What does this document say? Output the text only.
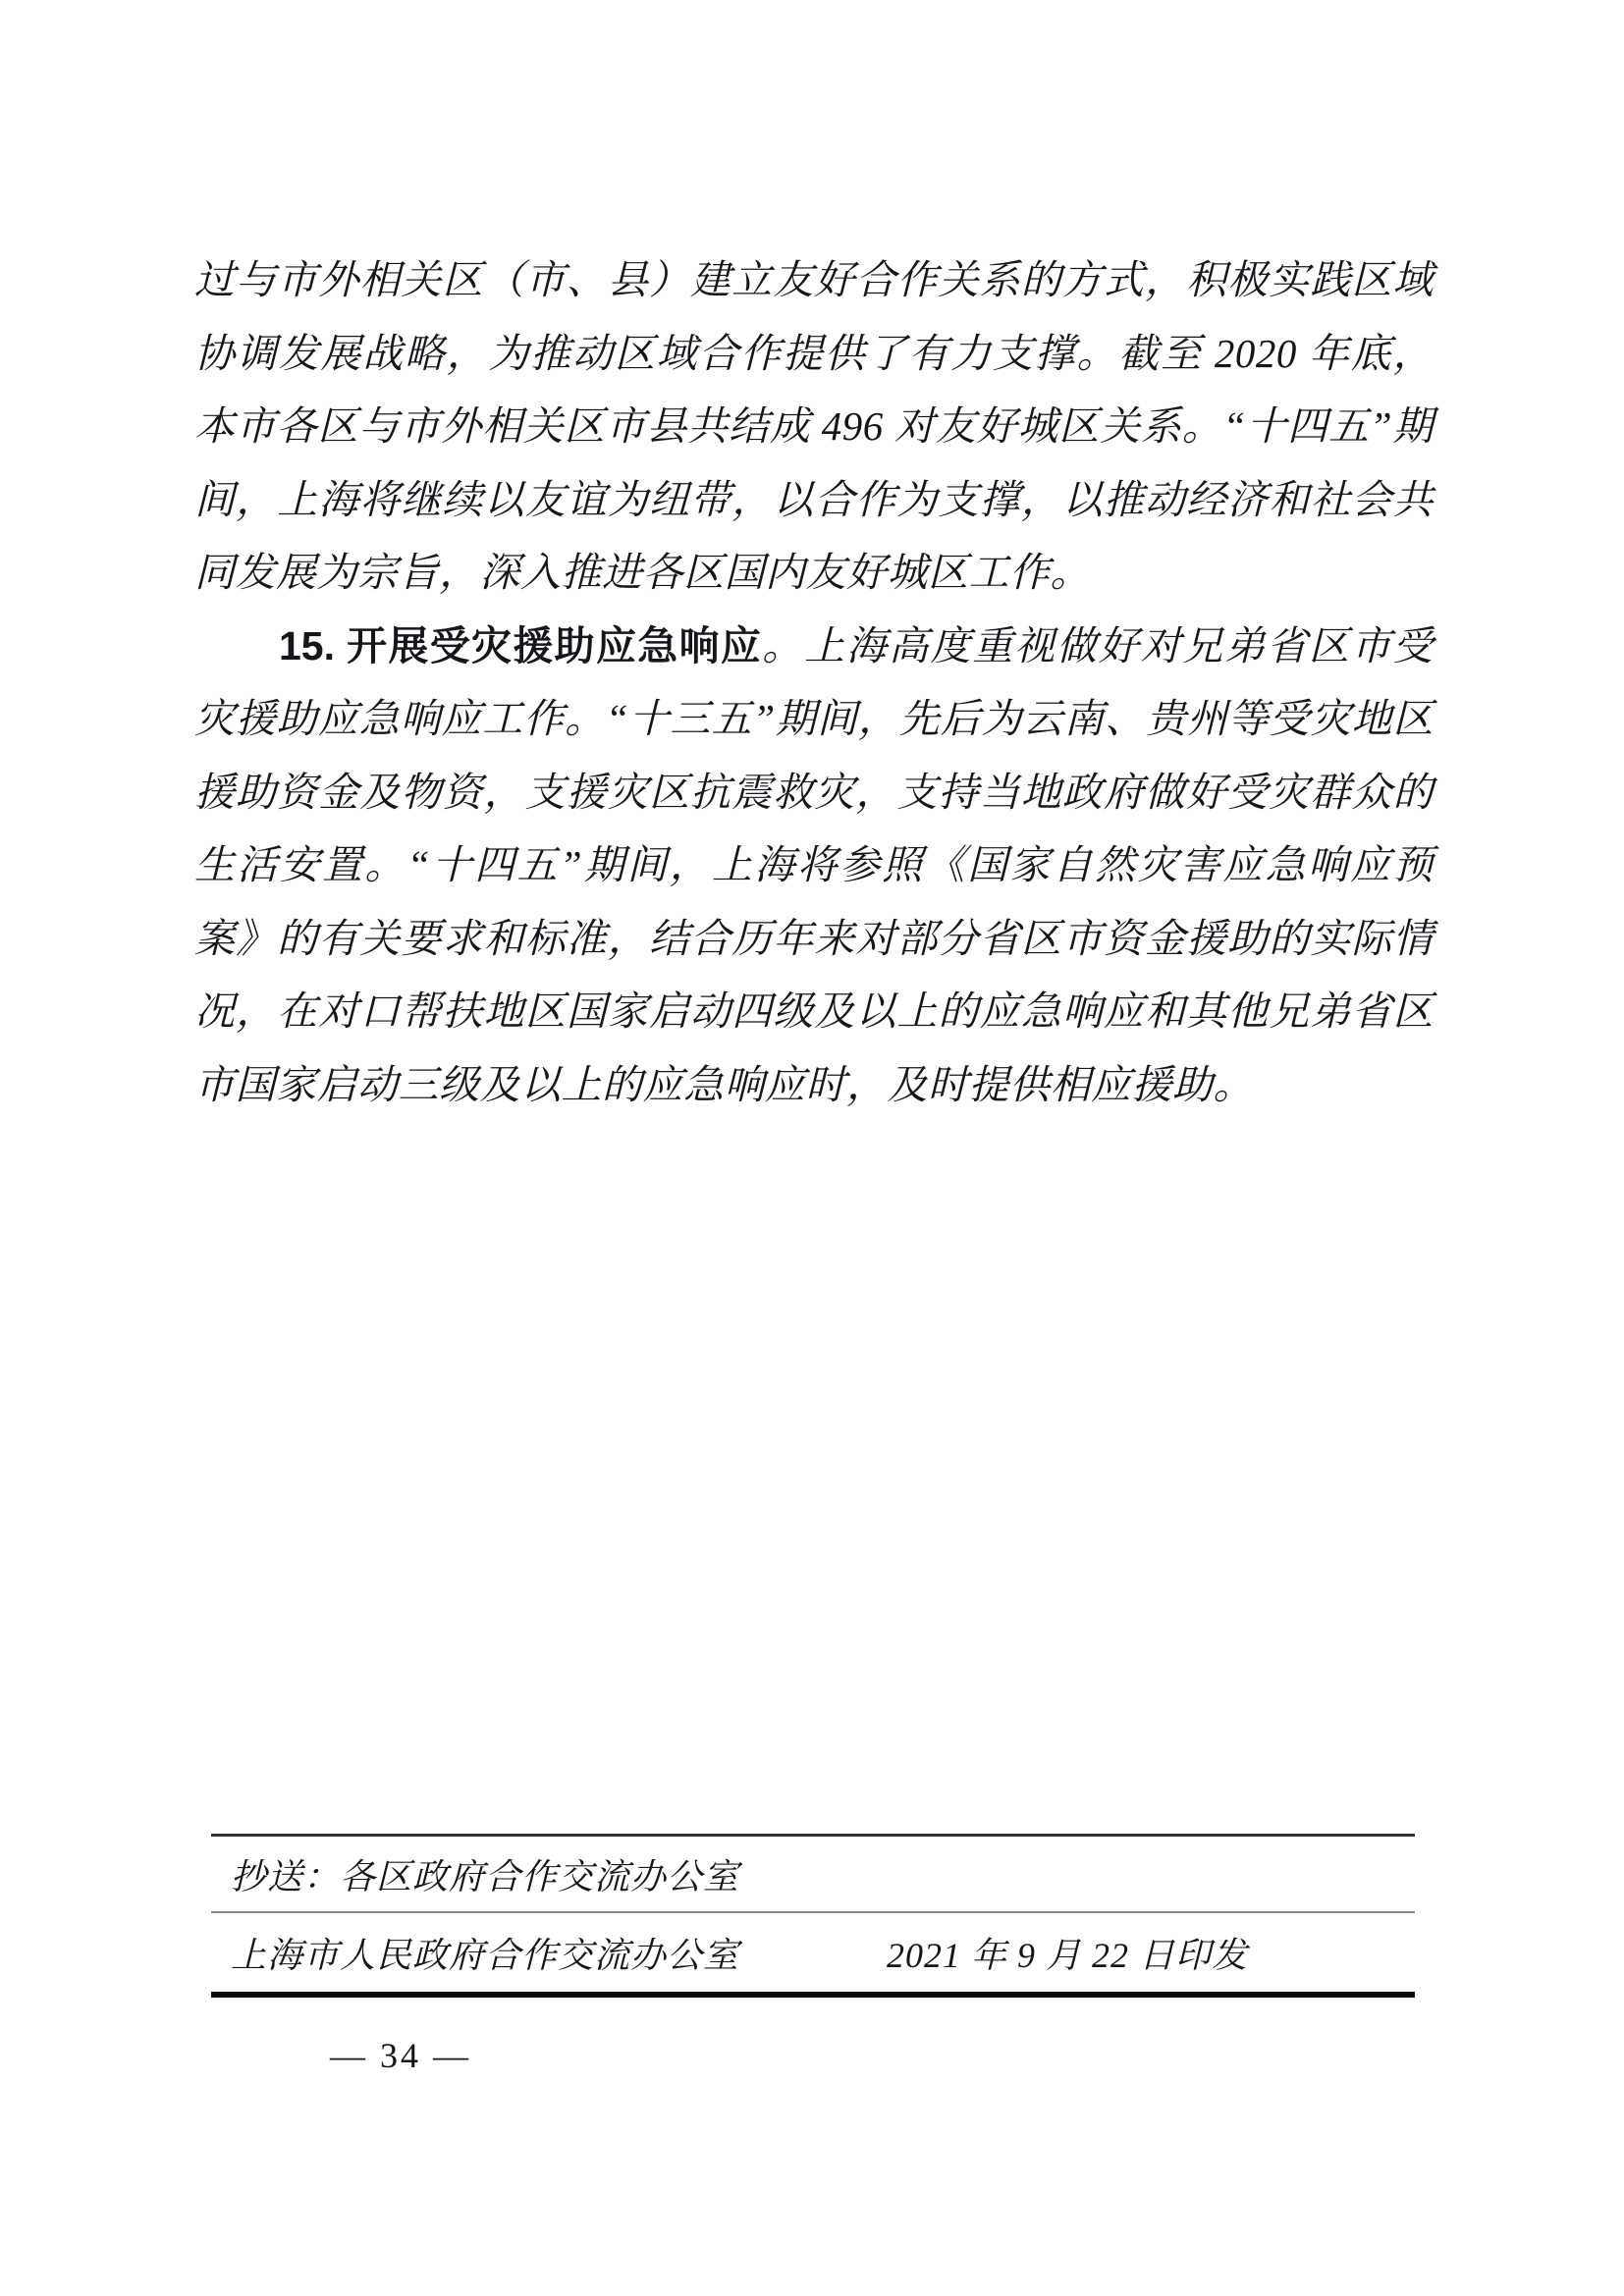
过与市外相关区（市、县）建立友好合作关系的方式，积极实践区域协调发展战略，为推动区域合作提供了有力支撑。截至 2020 年底，本市各区与市外相关区市县共结成 496 对友好城区关系。“十四五”期间，上海将继续以友谊为纽带，以合作为支撑，以推动经济和社会共同发展为宗旨，深入推进各区国内友好城区工作。

15. 开展受灾援助应急响应。上海高度重视做好对兄弟省区市受灾援助应急响应工作。“十三五”期间，先后为云南、贵州等受灾地区援助资金及物资，支援灾区抗震救灾，支持当地政府做好受灾群众的生活安置。“十四五”期间，上海将参照《国家自然灾害应急响应预案》的有关要求和标准，结合历年来对部分省区市资金援助的实际情况，在对口帮扶地区国家启动四级及以上的应急响应和其他兄弟省区市国家启动三级及以上的应急响应时，及时提供相应援助。

抄送：各区政府合作交流办公室
上海市人民政府合作交流办公室	2021 年 9 月 22 日印发
— 34 —
